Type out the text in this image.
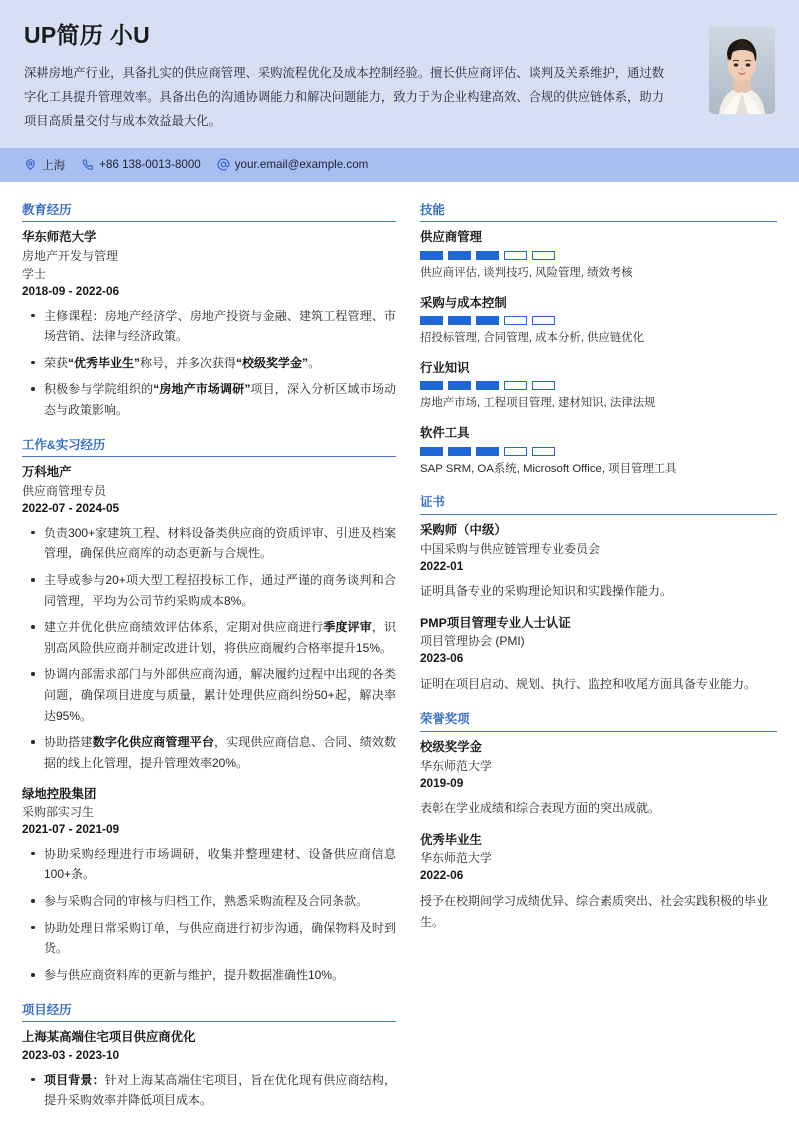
UP简历 小U

深耕房地产行业，具备扎实的供应商管理、采购流程优化及成本控制经验。擅长供应商评估、谈判及关系维护，通过数字化工具提升管理效率。具备出色的沟通协调能力和解决问题能力，致力于为企业构建高效、合规的供应链体系，助力项目高质量交付与成本效益最大化。

上海	+86 138-0013-8000	your.email@example.com
教育经历
华东师范大学
房地产开发与管理
学士
2018-09 - 2022-06
主修课程：房地产经济学、房地产投资与金融、建筑工程管理、市场营销、法律与经济政策。
荣获“优秀毕业生”称号，并多次获得“校级奖学金”。
积极参与学院组织的“房地产市场调研”项目，深入分析区域市场动态与政策影响。
工作&实习经历
万科地产
供应商管理专员
2022-07 - 2024-05
负责300+家建筑工程、材料设备类供应商的资质评审、引进及档案管理，确保供应商库的动态更新与合规性。
主导或参与20+项大型工程招投标工作，通过严谨的商务谈判和合同管理，平均为公司节约采购成本8%。
建立并优化供应商绩效评估体系，定期对供应商进行季度评审，识别高风险供应商并制定改进计划，将供应商履约合格率提升15%。
协调内部需求部门与外部供应商沟通，解决履约过程中出现的各类问题，确保项目进度与质量，累计处理供应商纠纷50+起，解决率达95%。
协助搭建数字化供应商管理平台，实现供应商信息、合同、绩效数据的线上化管理，提升管理效率20%。
绿地控股集团
采购部实习生
2021-07 - 2021-09
协助采购经理进行市场调研，收集并整理建材、设备供应商信息100+条。
参与采购合同的审核与归档工作，熟悉采购流程及合同条款。
协助处理日常采购订单，与供应商进行初步沟通，确保物料及时到货。
参与供应商资料库的更新与维护，提升数据准确性10%。
项目经历
上海某高端住宅项目供应商优化
2023-03 - 2023-10
项目背景：针对上海某高端住宅项目，旨在优化现有供应商结构，提升采购效率并降低项目成本。
技能
供应商管理
供应商评估, 谈判技巧, 风险管理, 绩效考核
采购与成本控制
招投标管理, 合同管理, 成本分析, 供应链优化
行业知识
房地产市场, 工程项目管理, 建材知识, 法律法规
软件工具
SAP SRM, OA系统, Microsoft Office, 项目管理工具
证书
采购师（中级）
中国采购与供应链管理专业委员会
2022-01
证明具备专业的采购理论知识和实践操作能力。
PMP项目管理专业人士认证
项目管理协会 (PMI)
2023-06
证明在项目启动、规划、执行、监控和收尾方面具备专业能力。
荣誉奖项
校级奖学金
华东师范大学
2019-09
表彰在学业成绩和综合表现方面的突出成就。
优秀毕业生
华东师范大学
2022-06
授予在校期间学习成绩优异、综合素质突出、社会实践积极的毕业生。
